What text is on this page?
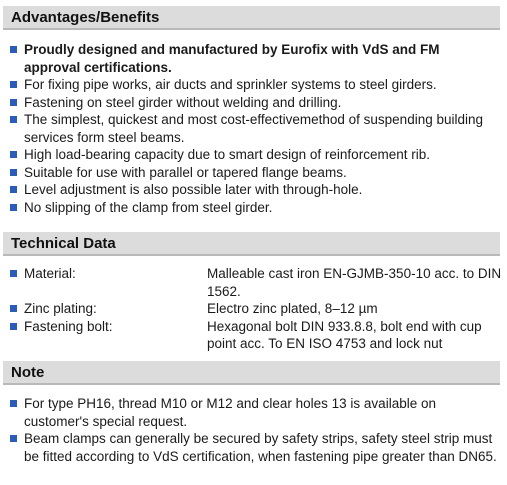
Advantages/Benefits
Proudly designed and manufactured by Eurofix with VdS and FM approval certifications.
For fixing pipe works, air ducts and sprinkler systems to steel girders.
Fastening on steel girder without welding and drilling.
The simplest, quickest and most cost-effectivemethod of suspending building services form steel beams.
High load-bearing capacity due to smart design of reinforcement rib.
Suitable for use with parallel or tapered flange beams.
Level adjustment is also possible later with through-hole.
No slipping of the clamp from steel girder.
Technical Data
Material:	Malleable cast iron EN-GJMB-350-10 acc. to DIN 1562.
Zinc plating:	Electro zinc plated, 8–12 µm
Fastening bolt:	Hexagonal bolt DIN 933.8.8, bolt end with cup point acc. To EN ISO 4753 and lock nut
Note
For type PH16, thread M10 or M12 and clear holes 13 is available on customer's special request.
Beam clamps can generally be secured by safety strips, safety steel strip must be fitted according to VdS certification, when fastening pipe greater than DN65.
